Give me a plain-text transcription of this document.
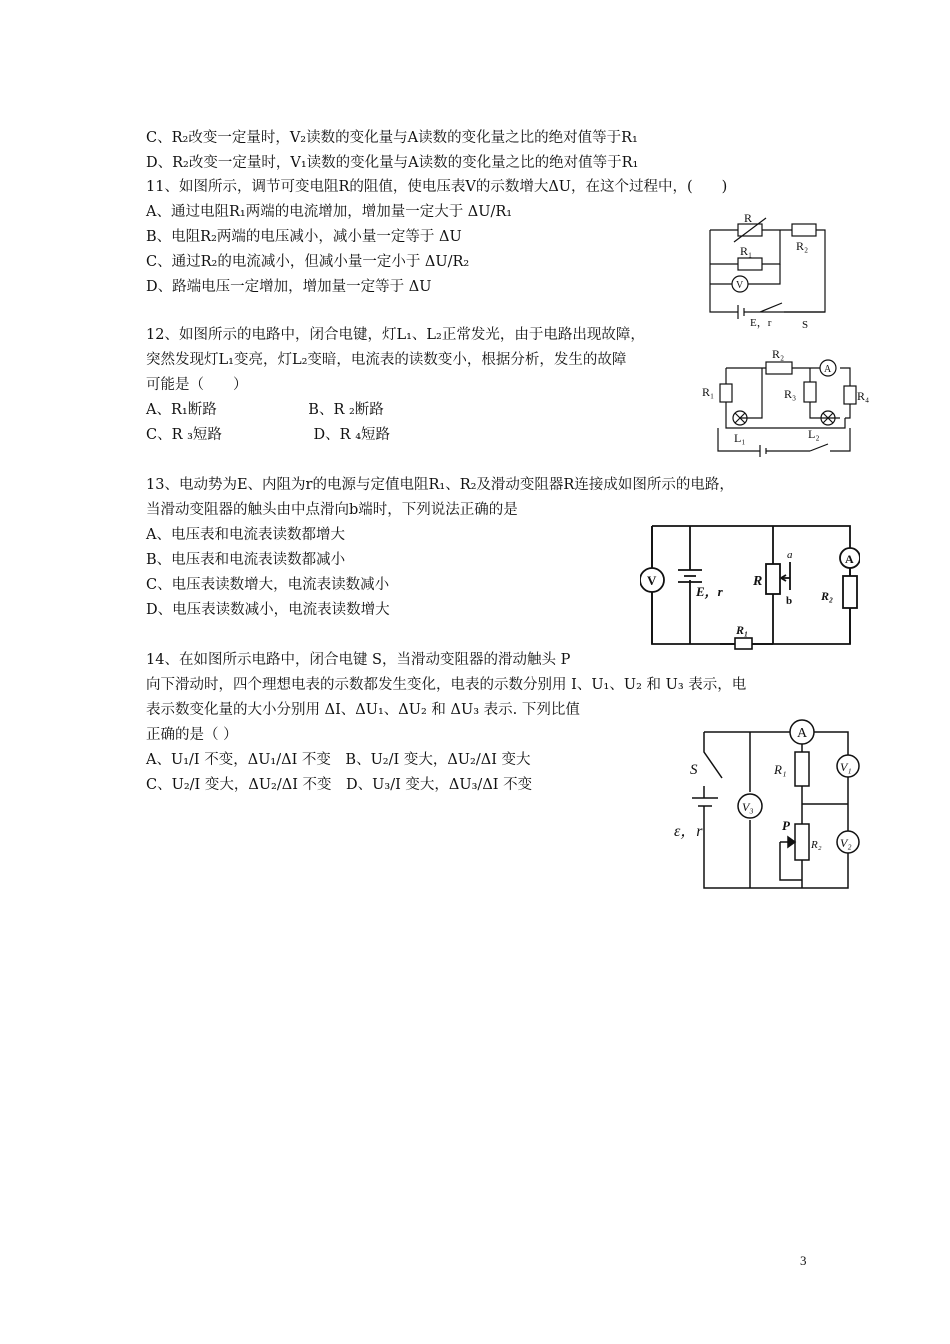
C、R₂改变一定量时，V₂读数的变化量与A读数的变化量之比的绝对值等于R₁
D、R₂改变一定量时，V₁读数的变化量与A读数的变化量之比的绝对值等于R₁
11、如图所示，调节可变电阻R的阻值，使电压表V的示数增大ΔU，在这个过程中，(　　)
A、通过电阻R₁两端的电流增加，增加量一定大于 ΔU/R₁
B、电阻R₂两端的电压减小，减小量一定等于 ΔU
C、通过R₂的电流减小，但减小量一定小于 ΔU/R₂
D、路端电压一定增加，增加量一定等于 ΔU
12、如图所示的电路中，闭合电键，灯L₁、L₂正常发光，由于电路出现故障，
突然发现灯L₁变亮，灯L₂变暗，电流表的读数变小，根据分析，发生的故障
可能是（　　）
A、R₁断路　　　　　　 B、R ₂断路
C、R ₃短路　　　　　　 D、R ₄短路
13、电动势为E、内阻为r的电源与定值电阻R₁、R₂及滑动变阻器R连接成如图所示的电路，
当滑动变阻器的触头由中点滑向b端时，下列说法正确的是
A、电压表和电流表读数都增大
B、电压表和电流表读数都减小
C、电压表读数增大，电流表读数减小
D、电压表读数减小，电流表读数增大
14、在如图所示电路中，闭合电键 S，当滑动变阻器的滑动触头 P
向下滑动时，四个理想电表的示数都发生变化，电表的示数分别用 I、U₁、U₂ 和 U₃ 表示，电
表示数变化量的大小分别用 ΔI、ΔU₁、ΔU₂ 和 ΔU₃ 表示. 下列比值
正确的是（ ）
A、U₁/I 不变，ΔU₁/ΔI 不变　B、U₂/I 变大，ΔU₂/ΔI 变大
C、U₂/I 变大，ΔU₂/ΔI 不变　D、U₃/I 变大，ΔU₃/ΔI 不变
R
R₁	R₂
V
E，r	S
R₂
R₁	R₃	R₄
A
L₁	L₂
V
A
E，r
R
a
b
R₁
R₂
S
ε，r
A
R₁	V₁
V₃
P
R₂ V₂
3
